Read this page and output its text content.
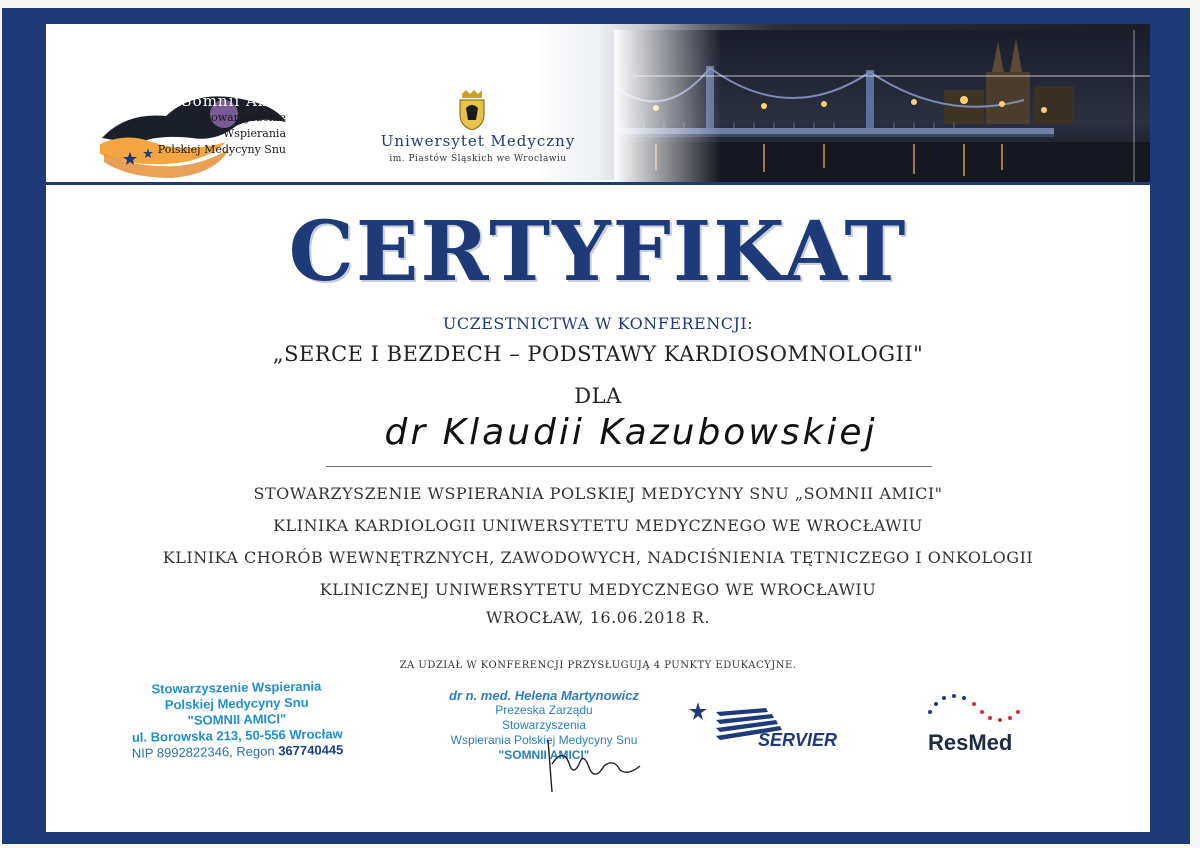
Somnii Amici
Stowarzyszenie
Wspierania
Polskiej Medycyny Snu	Uniwersytet Medyczny
im. Piastów Śląskich we Wrocławiu
CERTYFIKAT
UCZESTNICTWA W KONFERENCJI:
„SERCE I BEZDECH – PODSTAWY KARDIOSOMNOLOGII"
DLA
dr Klaudii Kazubowskiej
STOWARZYSZENIE WSPIERANIA POLSKIEJ MEDYCYNY SNU „SOMNII AMICI"
KLINIKA KARDIOLOGII UNIWERSYTETU MEDYCZNEGO WE WROCŁAWIU
KLINIKA CHORÓB WEWNĘTRZNYCH, ZAWODOWYCH, NADCIŚNIENIA TĘTNICZEGO I ONKOLOGII
KLINICZNEJ UNIWERSYTETU MEDYCZNEGO WE WROCŁAWIU
WROCŁAW, 16.06.2018 R.
ZA UDZIAŁ W KONFERENCJI PRZYSŁUGUJĄ 4 PUNKTY EDUKACYJNE.
Stowarzyszenie Wspierania
Polskiej Medycyny Snu
"SOMNII AMICI"
ul. Borowska 213, 50-556 Wrocław
NIP 8992822346, Regon 367740445
dr n. med. Helena Martynowicz
Prezeska Zarządu
Stowarzyszenia
Wspierania Polskiej Medycyny Snu
"SOMNII AMICI"
SERVIER	ResMed
